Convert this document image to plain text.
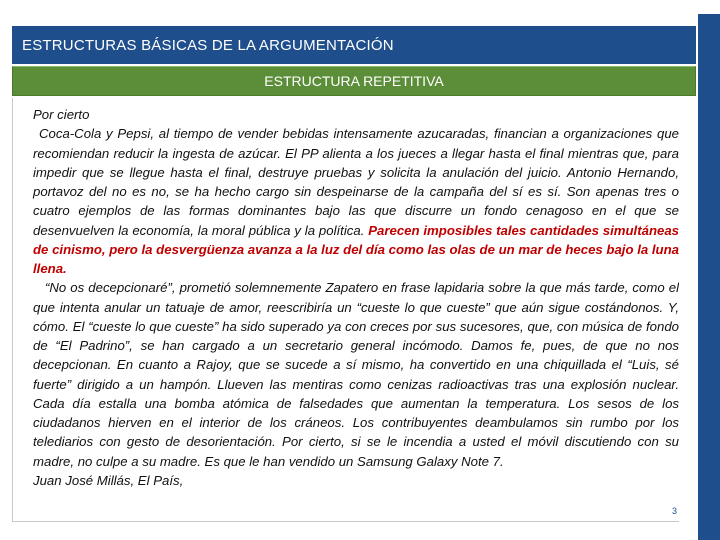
ESTRUCTURAS BÁSICAS DE LA ARGUMENTACIÓN
ESTRUCTURA REPETITIVA

Por cierto

Coca-Cola y Pepsi, al tiempo de vender bebidas intensamente azucaradas, financian a organizaciones que recomiendan reducir la ingesta de azúcar. El PP alienta a los jueces a llegar hasta el final mientras que, para impedir que se llegue hasta el final, destruye pruebas y solicita la anulación del juicio. Antonio Hernando, portavoz del no es no, se ha hecho cargo sin despeinarse de la campaña del sí es sí. Son apenas tres o cuatro ejemplos de las formas dominantes bajo las que discurre un fondo cenagoso en el que se desenvuelven la economía, la moral pública y la política. Parecen imposibles tales cantidades simultáneas de cinismo, pero la desvergüenza avanza a la luz del día como las olas de un mar de heces bajo la luna llena.

“No os decepcionaré”, prometió solemnemente Zapatero en frase lapidaria sobre la que más tarde, como el que intenta anular un tatuaje de amor, reescribiría un “cueste lo que cueste” que aún sigue costándonos. Y, cómo. El “cueste lo que cueste” ha sido superado ya con creces por sus sucesores, que, con música de fondo de “El Padrino”, se han cargado a un secretario general incómodo. Damos fe, pues, de que no nos decepcionan. En cuanto a Rajoy, que se sucede a sí mismo, ha convertido en una chiquillada el “Luis, sé fuerte” dirigido a un hampón. Llueven las mentiras como cenizas radioactivas tras una explosión nuclear. Cada día estalla una bomba atómica de falsedades que aumentan la temperatura. Los sesos de los ciudadanos hierven en el interior de los cráneos. Los contribuyentes deambulamos sin rumbo por los telediarios con gesto de desorientación. Por cierto, si se le incendia a usted el móvil discutiendo con su madre, no culpe a su madre. Es que le han vendido un Samsung Galaxy Note 7.

Juan José Millás, El País,

3
